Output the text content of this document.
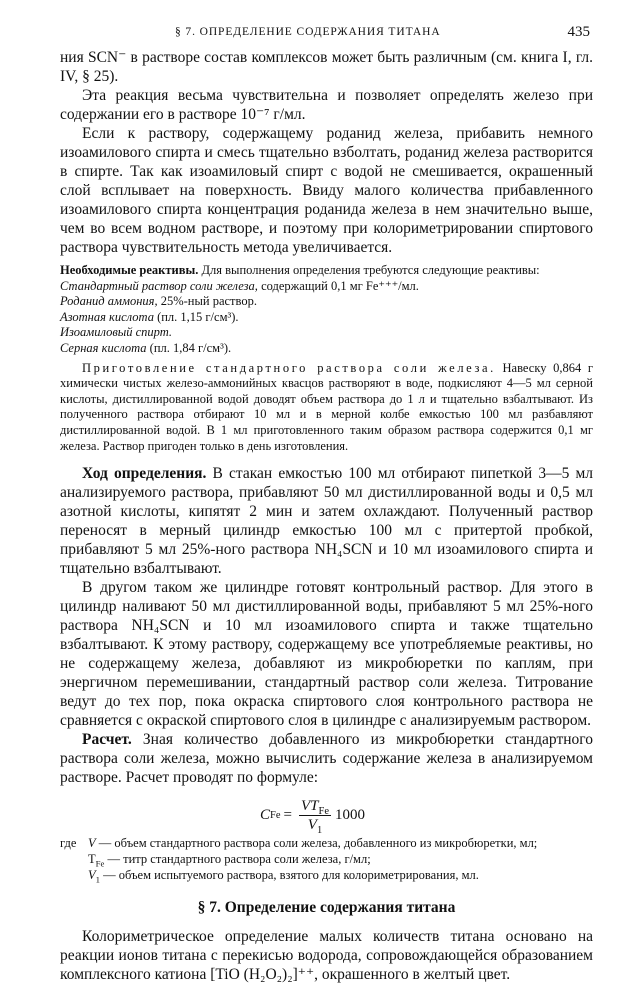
§ 7. ОПРЕДЕЛЕНИЕ СОДЕРЖАНИЯ ТИТАНА	435

ния SCN⁻ в растворе состав комплексов может быть различным (см. книга I, гл. IV, § 25).

Эта реакция весьма чувствительна и позволяет определять железо при содержании его в растворе 10⁻⁷ г/мл.

Если к раствору, содержащему роданид железа, прибавить немного изоамилового спирта и смесь тщательно взболтать, роданид железа растворится в спирте. Так как изоамиловый спирт с водой не смешивается, окрашенный слой всплывает на поверхность. Ввиду малого количества прибавленного изоамилового спирта концентрация роданида железа в нем значительно выше, чем во всем водном растворе, и поэтому при колориметрировании спиртового раствора чувствительность метода увеличивается.

Необходимые реактивы. Для выполнения определения требуются следующие реактивы:

Стандартный раствор соли железа, содержащий 0,1 мг Fe⁺⁺⁺/мл.
Роданид аммония, 25%-ный раствор.
Азотная кислота (пл. 1,15 г/см³).
Изоамиловый спирт.
Серная кислота (пл. 1,84 г/см³).

Приготовление стандартного раствора соли железа. Навеску 0,864 г химически чистых железо-аммонийных квасцов растворяют в воде, подкисляют 4—5 мл серной кислоты, дистиллированной водой доводят объем раствора до 1 л и тщательно взбалтывают. Из полученного раствора отбирают 10 мл и в мерной колбе емкостью 100 мл разбавляют дистиллированной водой. В 1 мл приготовленного таким образом раствора содержится 0,1 мг железа. Раствор пригоден только в день изготовления.

Ход определения. В стакан емкостью 100 мл отбирают пипеткой 3—5 мл анализируемого раствора, прибавляют 50 мл дистиллированной воды и 0,5 мл азотной кислоты, кипятят 2 мин и затем охлаждают. Полученный раствор переносят в мерный цилиндр емкостью 100 мл с притертой пробкой, прибавляют 5 мл 25%-ного раствора NH₄SCN и 10 мл изоамилового спирта и тщательно взбалтывают.

В другом таком же цилиндре готовят контрольный раствор. Для этого в цилиндр наливают 50 мл дистиллированной воды, прибавляют 5 мл 25%-ного раствора NH₄SCN и 10 мл изоамилового спирта и также тщательно взбалтывают. К этому раствору, содержащему все употребляемые реактивы, но не содержащему железа, добавляют из микробюретки по каплям, при энергичном перемешивании, стандартный раствор соли железа. Титрование ведут до тех пор, пока окраска спиртового слоя контрольного раствора не сравняется с окраской спиртового слоя в цилиндре с анализируемым раствором.

Расчет. Зная количество добавленного из микробюретки стандартного раствора соли железа, можно вычислить содержание железа в анализируемом растворе. Расчет проводят по формуле:

C $Fe = \frac{VT_{Fe}}{V_1} 1000$
где V — объем стандартного раствора соли железа, добавленного из микробюретки, мл;
$T_{Fe}$ — титр стандартного раствора соли железа, г/мл;
$V_1$ — объем испытуемого раствора, взятого для колориметрирования, мл.

§ 7. Определение содержания титана

Колориметрическое определение малых количеств титана основано на реакции ионов титана с перекисью водорода, сопровождающейся образованием комплексного катиона [TiO (H₂O₂)₂]⁺⁺, окрашенного в желтый цвет.
